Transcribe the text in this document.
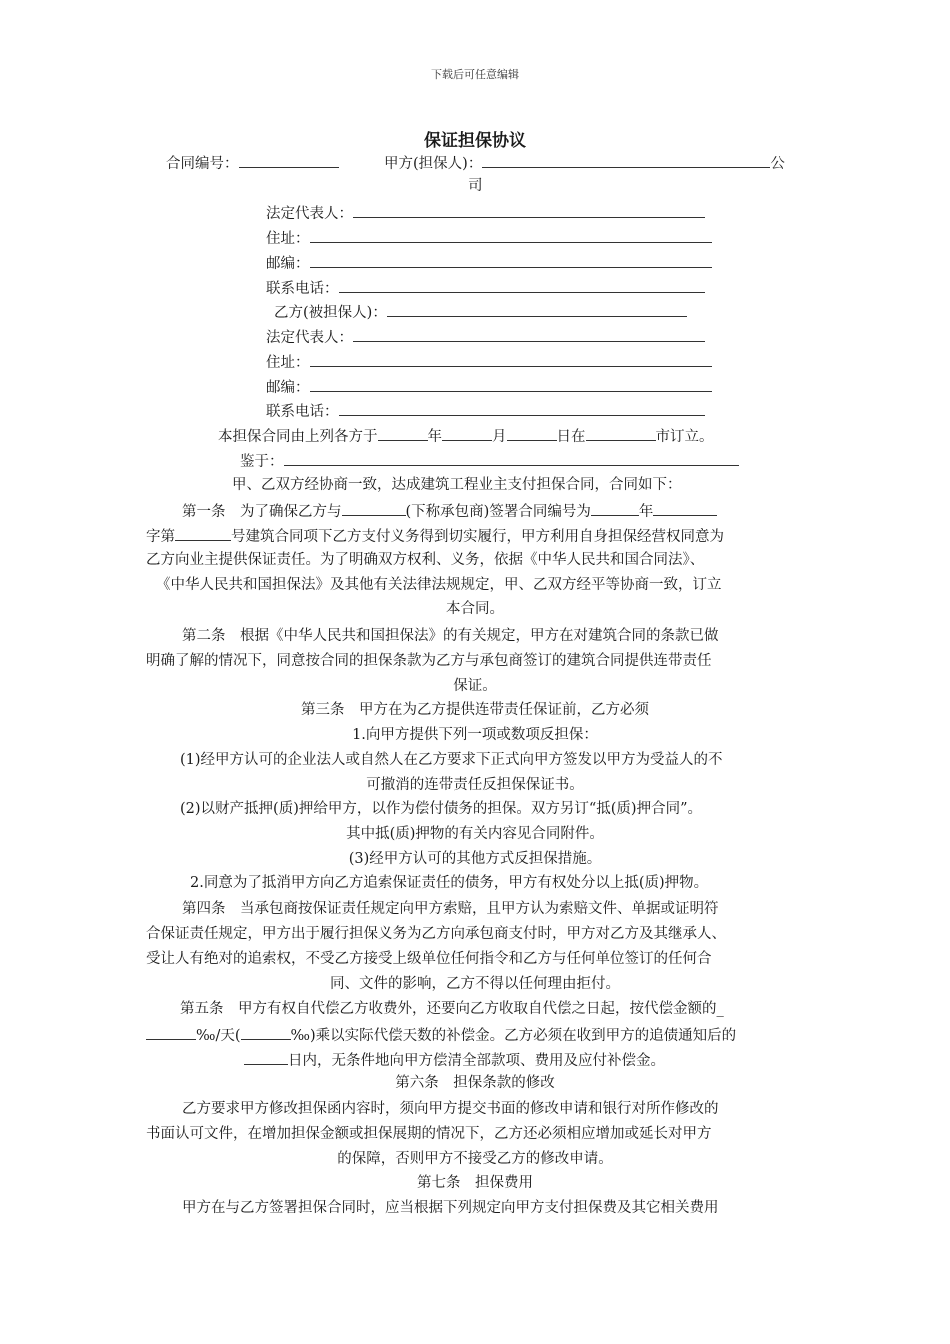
下载后可任意编辑
保证担保协议
合同编号：	甲方(担保人)：	公
司
法定代表人：
住址：
邮编：
联系电话：
乙方(被担保人)：
法定代表人：
住址：
邮编：
联系电话：
本担保合同由上列各方于	年	月	日在	市订立。
鉴于：
甲、乙双方经协商一致，达成建筑工程业主支付担保合同，合同如下：
第一条　为了确保乙方与	(下称承包商)签署合同编号为	年
字第	号建筑合同项下乙方支付义务得到切实履行，甲方利用自身担保经营权同意为
乙方向业主提供保证责任。为了明确双方权利、义务，依据《中华人民共和国合同法》、
《中华人民共和国担保法》及其他有关法律法规规定，甲、乙双方经平等协商一致，订立
本合同。
第二条　根据《中华人民共和国担保法》的有关规定，甲方在对建筑合同的条款已做
明确了解的情况下，同意按合同的担保条款为乙方与承包商签订的建筑合同提供连带责任
保证。
第三条　甲方在为乙方提供连带责任保证前，乙方必须
1.向甲方提供下列一项或数项反担保：
(1)经甲方认可的企业法人或自然人在乙方要求下正式向甲方签发以甲方为受益人的不
可撤消的连带责任反担保保证书。
(2)以财产抵押(质)押给甲方，以作为偿付债务的担保。双方另订“抵(质)押合同”。
其中抵(质)押物的有关内容见合同附件。
(3)经甲方认可的其他方式反担保措施。
2.同意为了抵消甲方向乙方追索保证责任的债务，甲方有权处分以上抵(质)押物。
第四条　当承包商按保证责任规定向甲方索赔，且甲方认为索赔文件、单据或证明符
合保证责任规定，甲方出于履行担保义务为乙方向承包商支付时，甲方对乙方及其继承人、
受让人有绝对的追索权，不受乙方接受上级单位任何指令和乙方与任何单位签订的任何合
同、文件的影响，乙方不得以任何理由拒付。
第五条　甲方有权自代偿乙方收费外，还要向乙方收取自代偿之日起，按代偿金额的_
‰/天(	‰)乘以实际代偿天数的补偿金。乙方必须在收到甲方的追债通知后的
日内，无条件地向甲方偿清全部款项、费用及应付补偿金。
第六条　担保条款的修改
乙方要求甲方修改担保函内容时，须向甲方提交书面的修改申请和银行对所作修改的
书面认可文件，在增加担保金额或担保展期的情况下，乙方还必须相应增加或延长对甲方
的保障，否则甲方不接受乙方的修改申请。
第七条　担保费用
甲方在与乙方签署担保合同时，应当根据下列规定向甲方支付担保费及其它相关费用
